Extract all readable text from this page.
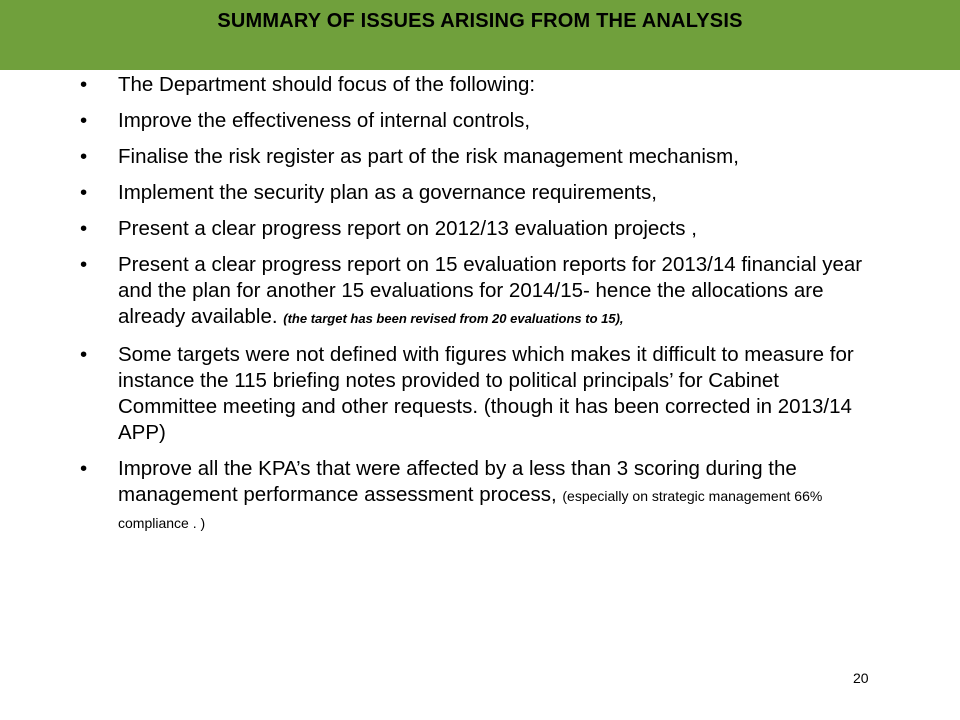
SUMMARY OF ISSUES ARISING FROM THE ANALYSIS
• The Department should focus of the following:
• Improve the effectiveness of internal controls,
• Finalise the risk register as part of the risk management mechanism,
• Implement the security plan as a governance requirements,
• Present a clear progress report on 2012/13 evaluation projects ,
• Present a clear progress report on 15 evaluation reports for 2013/14 financial year and the plan for another 15 evaluations for 2014/15- hence the allocations are already available. (the target has been revised from 20 evaluations to 15),
• Some targets were not defined with figures which makes it difficult to measure for instance the 115 briefing notes provided to political principals’ for Cabinet Committee meeting and other requests. (though it has been corrected in 2013/14 APP)
• Improve all the KPA’s that were affected by a less than 3 scoring during the management performance assessment process, (especially on strategic management 66% compliance . )
20
